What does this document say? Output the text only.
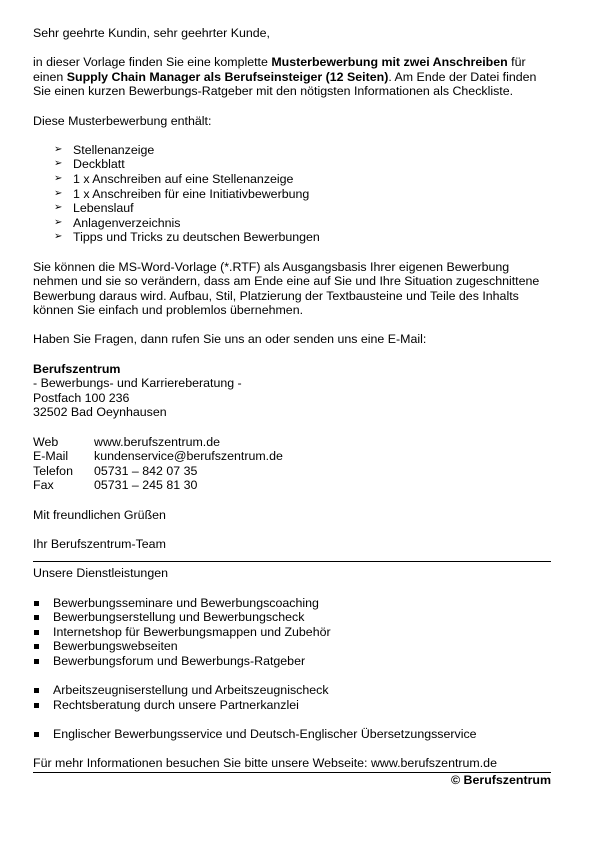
Sehr geehrte Kundin, sehr geehrter Kunde,

in dieser Vorlage finden Sie eine komplette Musterbewerbung mit zwei Anschreiben für einen Supply Chain Manager als Berufseinsteiger (12 Seiten). Am Ende der Datei finden Sie einen kurzen Bewerbungs-Ratgeber mit den nötigsten Informationen als Checkliste.

Diese Musterbewerbung enthält:

➢ Stellenanzeige
➢ Deckblatt
➢ 1 x Anschreiben auf eine Stellenanzeige
➢ 1 x Anschreiben für eine Initiativbewerbung
➢ Lebenslauf
➢ Anlagenverzeichnis
➢ Tipps und Tricks zu deutschen Bewerbungen

Sie können die MS-Word-Vorlage (*.RTF) als Ausgangsbasis Ihrer eigenen Bewerbung nehmen und sie so verändern, dass am Ende eine auf Sie und Ihre Situation zugeschnittene Bewerbung daraus wird. Aufbau, Stil, Platzierung der Textbausteine und Teile des Inhalts können Sie einfach und problemlos übernehmen.

Haben Sie Fragen, dann rufen Sie uns an oder senden uns eine E-Mail:

Berufszentrum

- Bewerbungs- und Karriereberatung -

Postfach 100 236

32502 Bad Oeynhausen

Web	www.berufszentrum.de
E-Mail	kundenservice@berufszentrum.de
Telefon	05731 – 842 07 35
Fax	05731 – 245 81 30

Mit freundlichen Grüßen

Ihr Berufszentrum-Team

Unsere Dienstleistungen

Bewerbungsseminare und Bewerbungscoaching
Bewerbungserstellung und Bewerbungscheck
Internetshop für Bewerbungsmappen und Zubehör
Bewerbungswebseiten
Bewerbungsforum und Bewerbungs-Ratgeber
Arbeitszeugniserstellung und Arbeitszeugnischeck
Rechtsberatung durch unsere Partnerkanzlei
Englischer Bewerbungsservice und Deutsch-Englischer Übersetzungsservice

Für mehr Informationen besuchen Sie bitte unsere Webseite: www.berufszentrum.de

© Berufszentrum
